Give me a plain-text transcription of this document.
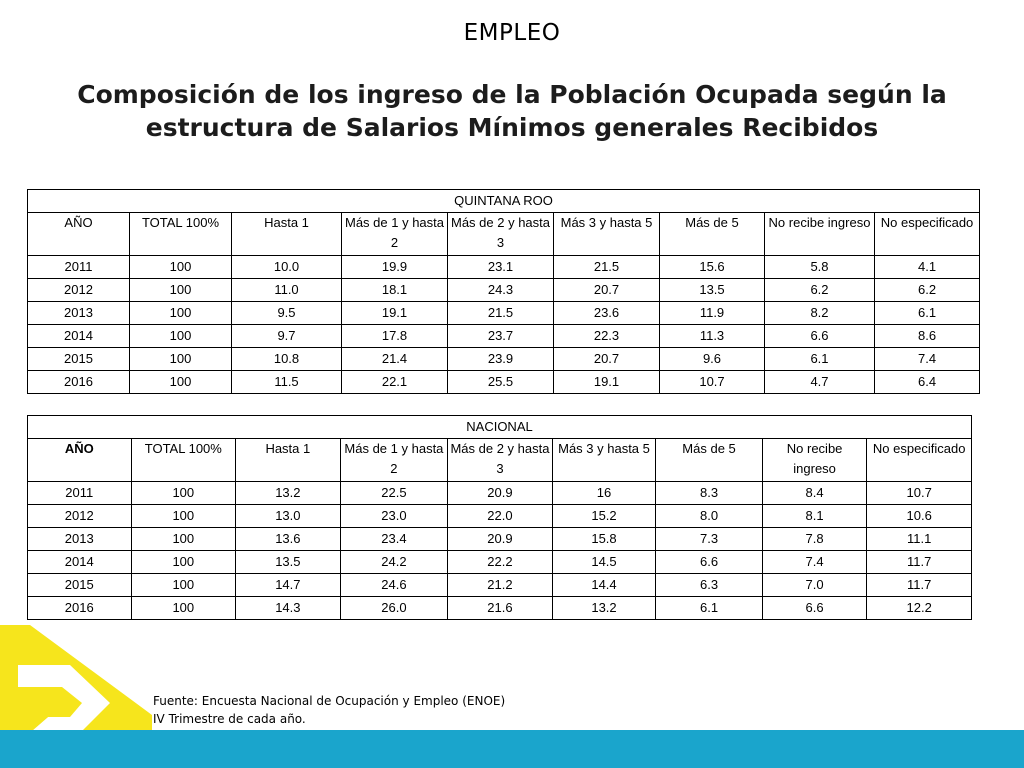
EMPLEO
Composición de los ingreso de la Población Ocupada según la
estructura de Salarios Mínimos generales Recibidos
QUINTANA ROO								
AÑO	TOTAL 100%	Hasta 1	Más de 1 y hasta 2	Más de 2 y hasta 3	Más 3 y hasta 5	Más de 5	No recibe ingreso	No especificado
2011	100	10.0	19.9	23.1	21.5	15.6	5.8	4.1
2012	100	11.0	18.1	24.3	20.7	13.5	6.2	6.2
2013	100	9.5	19.1	21.5	23.6	11.9	8.2	6.1
2014	100	9.7	17.8	23.7	22.3	11.3	6.6	8.6
2015	100	10.8	21.4	23.9	20.7	9.6	6.1	7.4
2016	100	11.5	22.1	25.5	19.1	10.7	4.7	6.4
NACIONAL								
AÑO	TOTAL 100%	Hasta 1	Más de 1 y hasta 2	Más de 2 y hasta 3	Más 3 y hasta 5	Más de 5	No recibe ingreso	No especificado
2011	100	13.2	22.5	20.9	16	8.3	8.4	10.7
2012	100	13.0	23.0	22.0	15.2	8.0	8.1	10.6
2013	100	13.6	23.4	20.9	15.8	7.3	7.8	11.1
2014	100	13.5	24.2	22.2	14.5	6.6	7.4	11.7
2015	100	14.7	24.6	21.2	14.4	6.3	7.0	11.7
2016	100	14.3	26.0	21.6	13.2	6.1	6.6	12.2
Fuente: Encuesta Nacional de Ocupación y Empleo (ENOE)
IV Trimestre de cada año.
